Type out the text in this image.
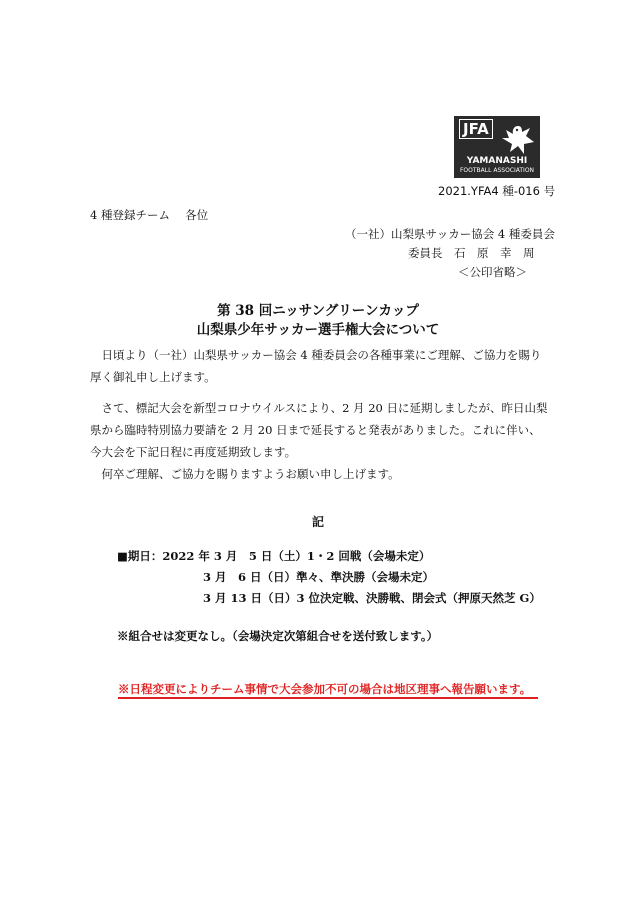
JFA
YAMANASHI
FOOTBALL ASSOCIATION
2021.YFA4 種-016 号
4 種登録チーム　 各位
（一社）山梨県サッカー協会 4 種委員会
委員長　石　原　幸　周
＜公印省略＞
第 38 回ニッサングリーンカップ
山梨県少年サッカー選手権大会について
日頃より（一社）山梨県サッカー協会 4 種委員会の各種事業にご理解、ご協力を賜り厚く御礼申し上げます。
さて、標記大会を新型コロナウイルスにより、2 月 20 日に延期しましたが、昨日山梨県から臨時特別協力要請を 2 月 20 日まで延長すると発表がありました。これに伴い、今大会を下記日程に再度延期致します。
何卒ご理解、ご協力を賜りますようお願い申し上げます。
記
■期日：2022 年 3 月　5 日（土）1・2 回戦（会場未定）
3 月　6 日（日）準々、準決勝（会場未定）
3 月 13 日（日）3 位決定戦、決勝戦、閉会式（押原天然芝 G）
※組合せは変更なし。（会場決定次第組合せを送付致します。）
※日程変更によりチーム事情で大会参加不可の場合は地区理事へ報告願います。
